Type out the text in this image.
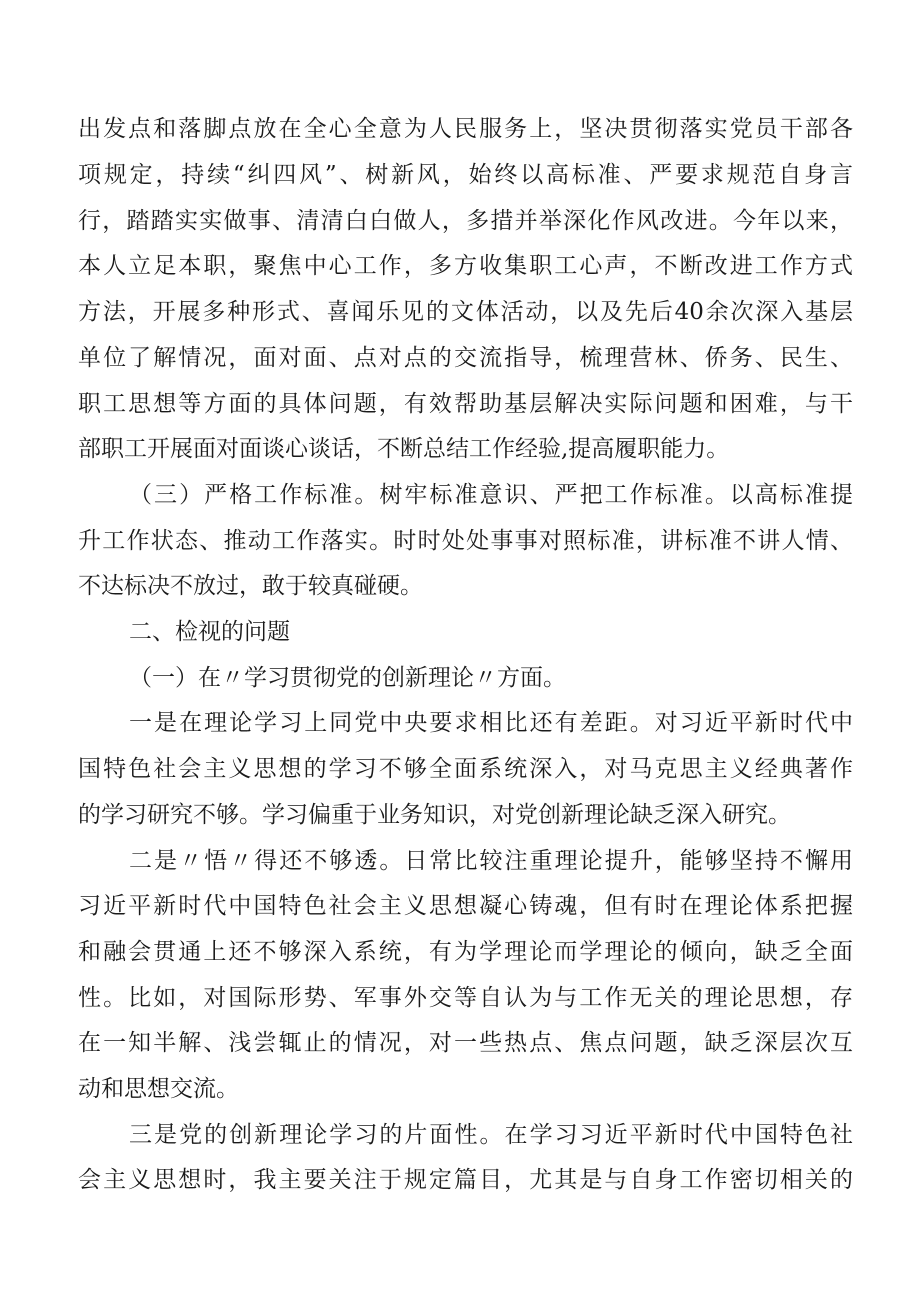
出发点和落脚点放在全心全意为人民服务上，坚决贯彻落实党员干部各
项规定，持续“纠四风”、树新风，始终以高标准、严要求规范自身言
行，踏踏实实做事、清清白白做人，多措并举深化作风改进。今年以来，
本人立足本职，聚焦中心工作，多方收集职工心声，不断改进工作方式
方法，开展多种形式、喜闻乐见的文体活动，以及先后40余次深入基层
单位了解情况，面对面、点对点的交流指导，梳理营林、侨务、民生、
职工思想等方面的具体问题，有效帮助基层解决实际问题和困难，与干
部职工开展面对面谈心谈话，不断总结工作经验,提高履职能力。
（三）严格工作标准。树牢标准意识、严把工作标准。以高标准提
升工作状态、推动工作落实。时时处处事事对照标准，讲标准不讲人情、
不达标决不放过，敢于较真碰硬。
二、检视的问题
（一）在〃学习贯彻党的创新理论〃方面。
一是在理论学习上同党中央要求相比还有差距。对习近平新时代中
国特色社会主义思想的学习不够全面系统深入，对马克思主义经典著作
的学习研究不够。学习偏重于业务知识，对党创新理论缺乏深入研究。
二是〃悟〃得还不够透。日常比较注重理论提升，能够坚持不懈用
习近平新时代中国特色社会主义思想凝心铸魂，但有时在理论体系把握
和融会贯通上还不够深入系统，有为学理论而学理论的倾向，缺乏全面
性。比如，对国际形势、军事外交等自认为与工作无关的理论思想，存
在一知半解、浅尝辄止的情况，对一些热点、焦点问题，缺乏深层次互
动和思想交流。
三是党的创新理论学习的片面性。在学习习近平新时代中国特色社
会主义思想时，我主要关注于规定篇目，尤其是与自身工作密切相关的
